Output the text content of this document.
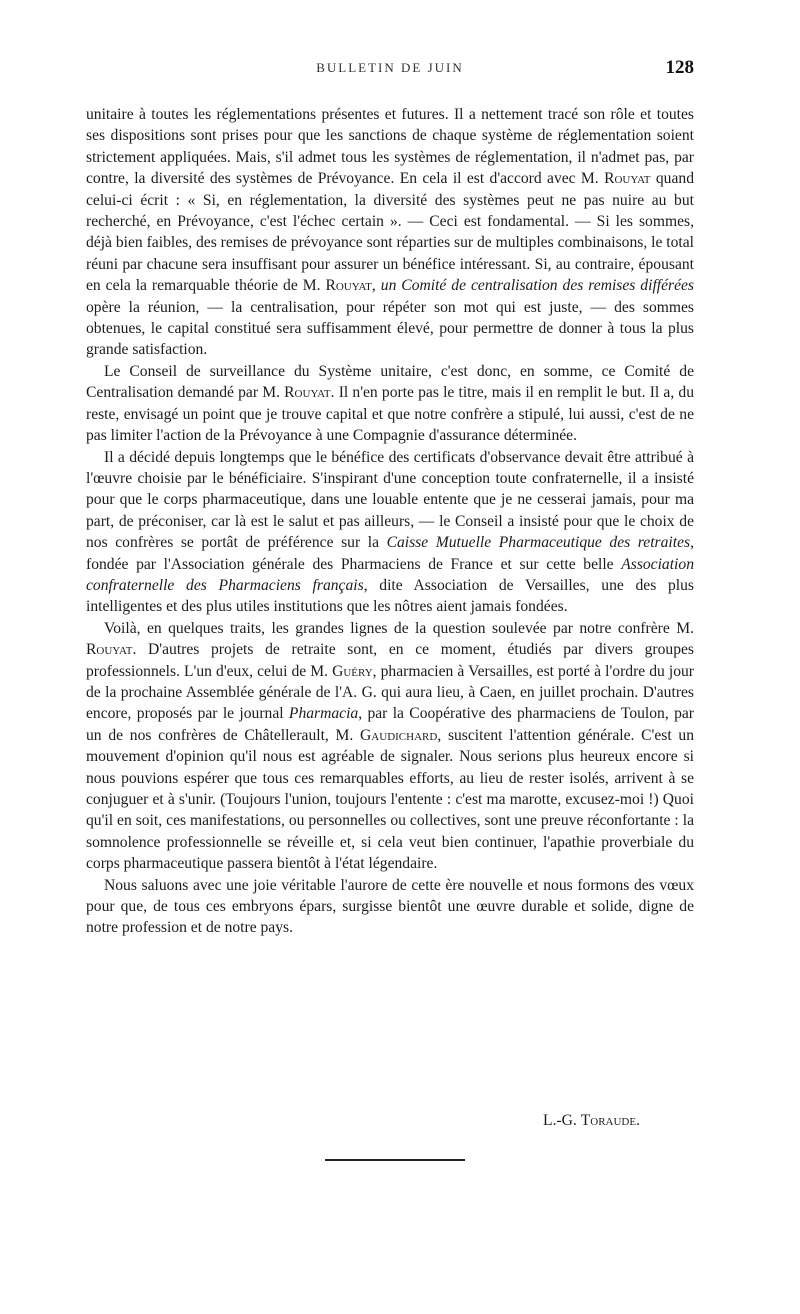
BULLETIN DE JUIN	128

unitaire à toutes les réglementations présentes et futures. Il a nettement tracé son rôle et toutes ses dispositions sont prises pour que les sanctions de chaque système de réglementation soient strictement appliquées. Mais, s'il admet tous les systèmes de réglementation, il n'admet pas, par contre, la diversité des systèmes de Prévoyance. En cela il est d'accord avec M. Rouyat quand celui-ci écrit : « Si, en réglementation, la diversité des systèmes peut ne pas nuire au but recherché, en Prévoyance, c'est l'échec certain ». — Ceci est fondamental. — Si les sommes, déjà bien faibles, des remises de prévoyance sont réparties sur de multiples combinaisons, le total réuni par chacune sera insuffisant pour assurer un bénéfice intéressant. Si, au contraire, épousant en cela la remarquable théorie de M. Rouyat, un Comité de centralisation des remises différées opère la réunion, — la centralisation, pour répéter son mot qui est juste, — des sommes obtenues, le capital constitué sera suffisamment élevé, pour permettre de donner à tous la plus grande satisfaction.

Le Conseil de surveillance du Système unitaire, c'est donc, en somme, ce Comité de Centralisation demandé par M. Rouyat. Il n'en porte pas le titre, mais il en remplit le but. Il a, du reste, envisagé un point que je trouve capital et que notre confrère a stipulé, lui aussi, c'est de ne pas limiter l'action de la Prévoyance à une Compagnie d'assurance déterminée.

Il a décidé depuis longtemps que le bénéfice des certificats d'observance devait être attribué à l'œuvre choisie par le bénéficiaire. S'inspirant d'une conception toute confraternelle, il a insisté pour que le corps pharmaceutique, dans une louable entente que je ne cesserai jamais, pour ma part, de préconiser, car là est le salut et pas ailleurs, — le Conseil a insisté pour que le choix de nos confrères se portât de préférence sur la Caisse Mutuelle Pharmaceutique des retraites, fondée par l'Association générale des Pharmaciens de France et sur cette belle Association confraternelle des Pharmaciens français, dite Association de Versailles, une des plus intelligentes et des plus utiles institutions que les nôtres aient jamais fondées.

Voilà, en quelques traits, les grandes lignes de la question soulevée par notre confrère M. Rouyat. D'autres projets de retraite sont, en ce moment, étudiés par divers groupes professionnels. L'un d'eux, celui de M. Guéry, pharmacien à Versailles, est porté à l'ordre du jour de la prochaine Assemblée générale de l'A. G. qui aura lieu, à Caen, en juillet prochain. D'autres encore, proposés par le journal Pharmacia, par la Coopérative des pharmaciens de Toulon, par un de nos confrères de Châtellerault, M. Gaudichard, suscitent l'attention générale. C'est un mouvement d'opinion qu'il nous est agréable de signaler. Nous serions plus heureux encore si nous pouvions espérer que tous ces remarquables efforts, au lieu de rester isolés, arrivent à se conjuguer et à s'unir. (Toujours l'union, toujours l'entente : c'est ma marotte, excusez-moi !) Quoi qu'il en soit, ces manifestations, ou personnelles ou collectives, sont une preuve réconfortante : la somnolence professionnelle se réveille et, si cela veut bien continuer, l'apathie proverbiale du corps pharmaceutique passera bientôt à l'état légendaire.

Nous saluons avec une joie véritable l'aurore de cette ère nouvelle et nous formons des vœux pour que, de tous ces embryons épars, surgisse bientôt une œuvre durable et solide, digne de notre profession et de notre pays.

L.-G. Toraude.
